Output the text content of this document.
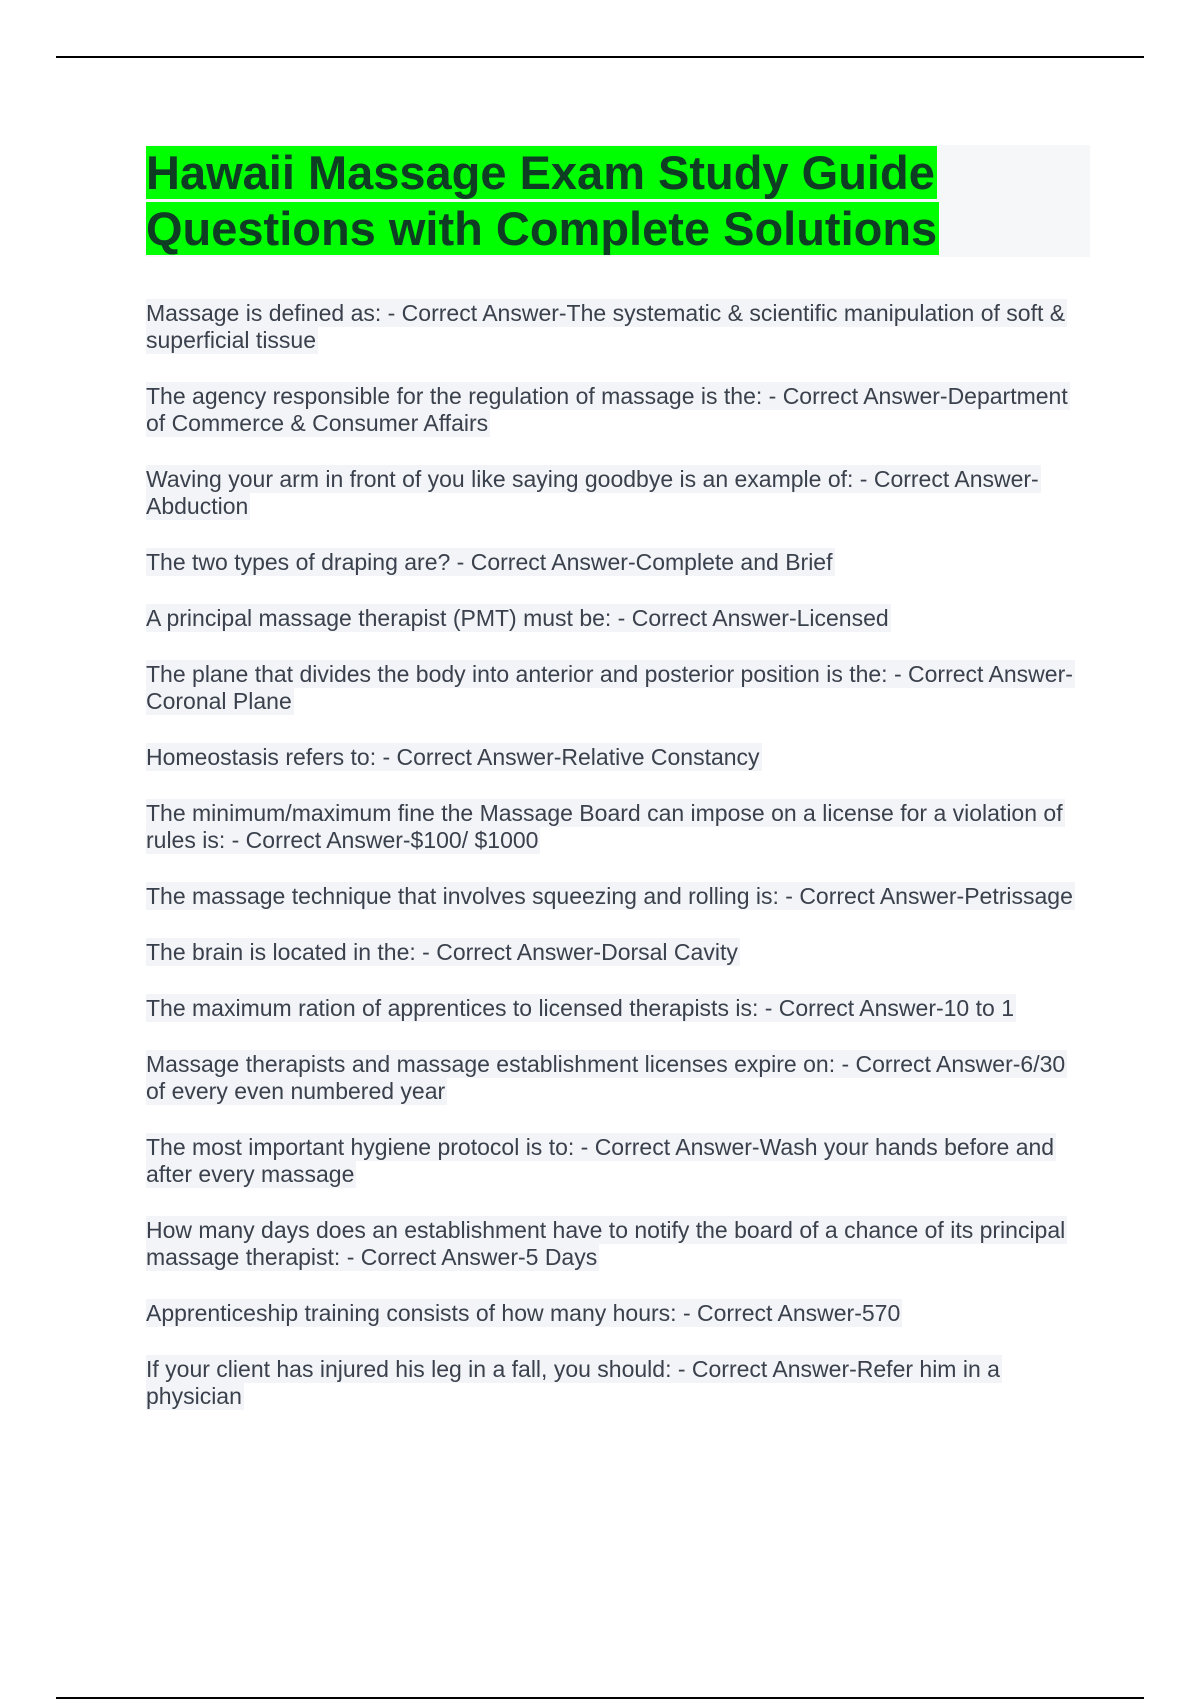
Hawaii Massage Exam Study Guide Questions with Complete Solutions
Massage is defined as: - Correct Answer-The systematic & scientific manipulation of soft & superficial tissue
The agency responsible for the regulation of massage is the: - Correct Answer-Department of Commerce & Consumer Affairs
Waving your arm in front of you like saying goodbye is an example of: - Correct Answer-Abduction
The two types of draping are? - Correct Answer-Complete and Brief
A principal massage therapist (PMT) must be: - Correct Answer-Licensed
The plane that divides the body into anterior and posterior position is the: - Correct Answer-Coronal Plane
Homeostasis refers to: - Correct Answer-Relative Constancy
The minimum/maximum fine the Massage Board can impose on a license for a violation of rules is: - Correct Answer-$100/ $1000
The massage technique that involves squeezing and rolling is: - Correct Answer-Petrissage
The brain is located in the: - Correct Answer-Dorsal Cavity
The maximum ration of apprentices to licensed therapists is: - Correct Answer-10 to 1
Massage therapists and massage establishment licenses expire on: - Correct Answer-6/30 of every even numbered year
The most important hygiene protocol is to: - Correct Answer-Wash your hands before and after every massage
How many days does an establishment have to notify the board of a chance of its principal massage therapist: - Correct Answer-5 Days
Apprenticeship training consists of how many hours: - Correct Answer-570
If your client has injured his leg in a fall, you should: - Correct Answer-Refer him in a physician
